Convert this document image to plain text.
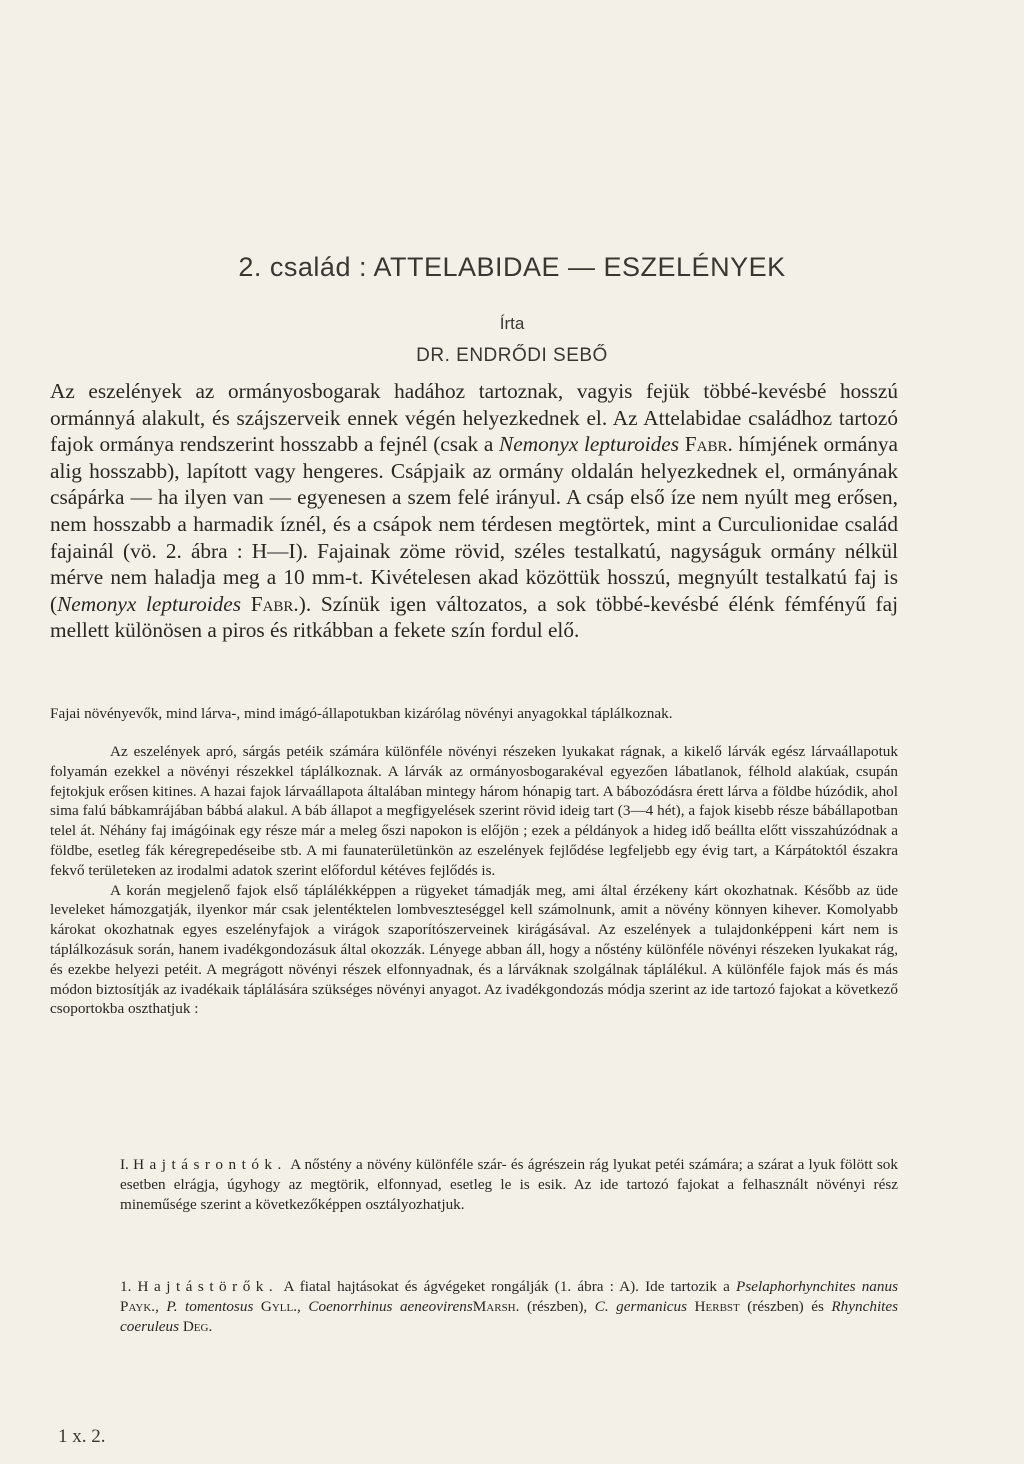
2. család : ATTELABIDAE — ESZELÉNYEK
Írta
DR. ENDRŐDI SEBŐ

Az eszelények az ormányosbogarak hadához tartoznak, vagyis fejük többé-kevésbé hosszú ormánnyá alakult, és szájszerveik ennek végén helyezkednek el. Az Attelabidae családhoz tartozó fajok ormánya rendszerint hosszabb a fejnél (csak a Nemonyx lepturoides Fabr. hímjének ormánya alig hosszabb), lapított vagy hengeres. Csápjaik az ormány oldalán helyezkednek el, ormányának csápárka — ha ilyen van — egyenesen a szem felé irányul. A csáp első íze nem nyúlt meg erősen, nem hosszabb a harmadik íznél, és a csápok nem térdesen megtörtek, mint a Curculionidae család fajainál (vö. 2. ábra : H—I). Fajainak zöme rövid, széles testalkatú, nagyságuk ormány nélkül mérve nem haladja meg a 10 mm-t. Kivételesen akad közöttük hosszú, megnyúlt testalkatú faj is (Nemonyx lepturoides Fabr.). Színük igen változatos, a sok többé-kevésbé élénk fémfényű faj mellett különösen a piros és ritkábban a fekete szín fordul elő.

Fajai növényevők, mind lárva-, mind imágó-állapotukban kizárólag növényi anyagokkal táplálkoznak.

Az eszelények apró, sárgás petéik számára különféle növényi részeken lyukakat rágnak, a kikelő lárvák egész lárvaállapotuk folyamán ezekkel a növényi részekkel táplálkoznak. A lárvák az ormányosbogarakéval egyezően lábatlanok, félhold alakúak, csupán fejtokjuk erősen kitines. A hazai fajok lárvaállapota általában mintegy három hónapig tart. A bábozódásra érett lárva a földbe húzódik, ahol sima falú bábkamrájában bábbá alakul. A báb állapot a megfigyelések szerint rövid ideig tart (3—4 hét), a fajok kisebb része bábállapotban telel át. Néhány faj imágóinak egy része már a meleg őszi napokon is előjön ; ezek a példányok a hideg idő beállta előtt visszahúzódnak a földbe, esetleg fák kéregrepedéseibe stb. A mi faunaterületünkön az eszelények fejlődése legfeljebb egy évig tart, a Kárpátoktól északra fekvő területeken az irodalmi adatok szerint előfordul kétéves fejlődés is.

A korán megjelenő fajok első táplálékképpen a rügyeket támadják meg, ami által érzékeny kárt okozhatnak. Később az üde leveleket hámozgatják, ilyenkor már csak jelentéktelen lombveszteséggel kell számolnunk, amit a növény könnyen kihever. Komolyabb károkat okozhatnak egyes eszelényfajok a virágok szaporítószerveinek kirágásával. Az eszelények a tulajdonképpeni kárt nem is táplálkozásuk során, hanem ivadékgondozásuk által okozzák. Lényege abban áll, hogy a nőstény különféle növényi részeken lyukakat rág, és ezekbe helyezi petéit. A megrágott növényi részek elfonnyadnak, és a lárváknak szolgálnak táplálékul. A különféle fajok más és más módon biztosítják az ivadékaik táplálására szükséges növényi anyagot. Az ivadékgondozás módja szerint az ide tartozó fajokat a következő csoportokba oszthatjuk :

I. Hajtásrontók. A nőstény a növény különféle szár- és ágrészein rág lyukat petéi számára; a szárat a lyuk fölött sok esetben elrágja, úgyhogy az megtörik, elfonnyad, esetleg le is esik. Az ide tartozó fajokat a felhasznált növényi rész mineműsége szerint a következőképpen osztályozhatjuk.

1. Hajtástörők. A fiatal hajtásokat és ágvégeket rongálják (1. ábra : A). Ide tartozik a Pselaphorhynchites nanus Payk., P. tomentosus Gyll., Coenorrhinus aeneovirensMarsh. (részben), C. germanicus Herbst (részben) és Rhynchites coeruleus Deg.

1 x. 2.
